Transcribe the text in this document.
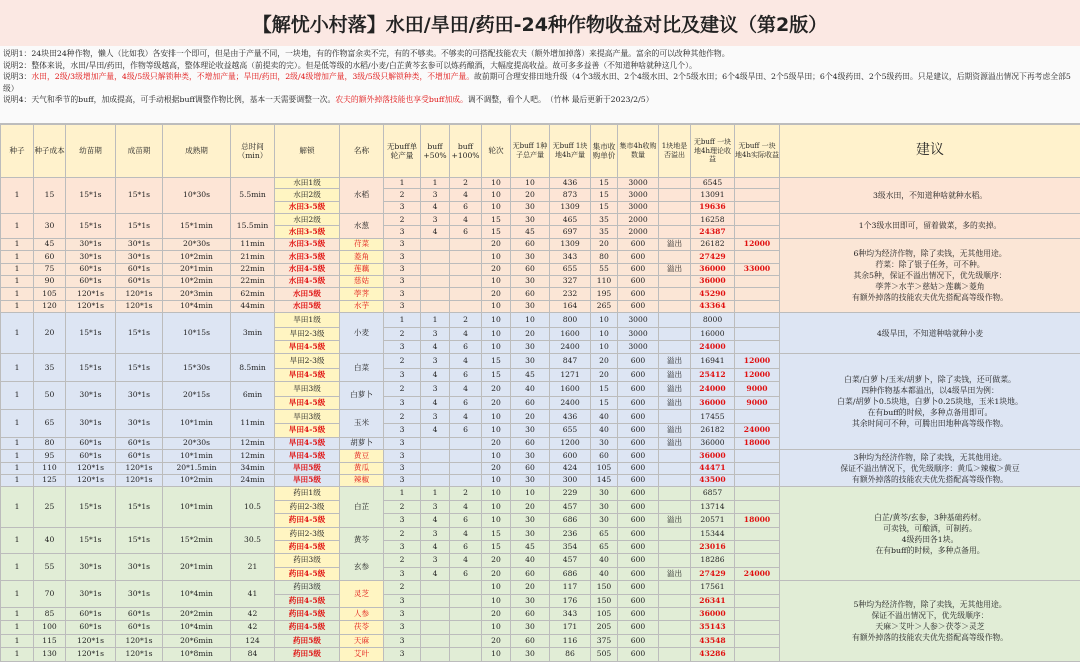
【解忧小村落】水田/旱田/药田-24种作物收益对比及建议（第2版）
说明1：24块田24种作物，懒人（比如我）各安排一个即可，但是由于产量不同，一块地，有的作物富余卖不完，有的不够卖。不够卖的可搭配技能农夫（额外增加掉落）来提高产量。富余的可以改种其他作物。
说明2：整体来说，水田/旱田/药田，作物等级越高，整体理论收益越高（前提卖的完）。但是低等级的水稻/小麦/白芷黄芩玄参可以炼药酿酒，大幅度提高收益。故可多多益善（不知道种啥就种这几个）。
说明3：水田，2级/3级增加产量，4级/5级只解锁种类，不增加产量；旱田/药田，2级/4级增加产量，3级/5级只解锁种类，不增加产量。故前期可合理安排田地升级（4个3级水田、2个4级水田、2个5级水田；6个4级旱田、2个5级旱田；6个4级药田、2个5级药田。只是建议，后期资源溢出情况下再考虑全部5级）
说明4：天气和季节的buff，加成提高，可手动根据buff调整作物比例，基本一天需要调整一次。农夫的额外掉落技能也享受buff加成。调不调整，看个人吧。　（竹林 最后更新于2023/2/5）
种子	种子成本	幼苗期	成苗期	成熟期	总时间（min）	解锁	名称	无buff单轮产量	buff +50%	buff +100%	轮次	无buff 1种子总产量	无buff 1块地4h产量	集市收购单价	集市4h收购数量	1块地是否溢出	无buff 一块地4h理论收益	无buff 一块地4h实际收益	建议
1	15	15*1s	15*1s	10*30s	5.5min	水田1级	水稻	1	1	2	10	10	436	15	3000		6545		3级水田，不知道种啥就种水稻。
						水田2级		2	3	4	10	20	873	15	3000		13091		
						水田3-5级		3	4	6	10	30	1309	15	3000		19636		
1	30	15*1s	15*1s	15*1min	15.5min	水田2级	水葱	2	3	4	15	30	465	35	2000		16258		1个3级水田即可，留着做菜，多的卖掉。
						水田3-5级		3	4	6	15	45	697	35	2000		24387		
1	45	30*1s	30*1s	20*30s	11min	水田3-5级	苻菜	3			20	60	1309	20	600	溢出	26182	12000	6种均为经济作物，除了卖钱，无其他用途。
荇菜：除了银子任务，可不种。
其余5种，保证不溢出情况下，优先级顺序：
荸荠＞水芋＞慈姑＞莲藕＞菱角
有额外掉落的技能农夫优先搭配高等级作物。
1	60	30*1s	30*1s	10*2min	21min	水田3-5级	菱角	3			10	30	343	80	600		27429		
1	75	60*1s	60*1s	20*1min	22min	水田4-5级	莲藕	3			20	60	655	55	600	溢出	36000	33000	
1	90	60*1s	60*1s	10*2min	22min	水田4-5级	慈姑	3			10	30	327	110	600		36000		
1	105	120*1s	120*1s	20*3min	62min	水田5级	荸荠	3			20	60	232	195	600		45290		
1	120	120*1s	120*1s	10*4min	44min	水田5级	水芋	3			10	30	164	265	600		43364		
1	20	15*1s	15*1s	10*15s	3min	旱田1级	小麦	1	1	2	10	10	800	10	3000		8000		4级旱田，不知道种啥就种小麦
						旱田2-3级		2	3	4	10	20	1600	10	3000		16000		
						旱田4-5级		3	4	6	10	30	2400	10	3000		24000		
1	35	15*1s	15*1s	15*30s	8.5min	旱田2-3级	白菜	2	3	4	15	30	847	20	600	溢出	16941	12000	白菜/白萝卜/玉米/胡萝卜，除了卖钱，还可做菜。
四种作物基本都溢出，以4级旱田为例：
白菜/胡萝卜0.5块地，白萝卜0.25块地，玉米1块地。
在有buff的时候，多种点备用即可。
其余时间可不种，可腾出田地种高等级作物。
						旱田4-5级		3	4	6	15	45	1271	20	600	溢出	25412	12000	
1	50	30*1s	30*1s	20*15s	6min	旱田3级	白萝卜	2	3	4	20	40	1600	15	600	溢出	24000	9000	
						旱田4-5级		3	4	6	20	60	2400	15	600	溢出	36000	9000	
1	65	30*1s	30*1s	10*1min	11min	旱田3级	玉米	2	3	4	10	20	436	40	600		17455		
						旱田4-5级		3	4	6	10	30	655	40	600	溢出	26182	24000	
1	80	60*1s	60*1s	20*30s	12min	旱田4-5级	胡萝卜	3			20	60	1200	30	600	溢出	36000	18000	
1	95	60*1s	60*1s	10*1min	12min	旱田4-5级	黄豆	3			10	30	600	60	600		36000		3种均为经济作物，除了卖钱，无其他用途。
保证不溢出情况下，优先级顺序：黄瓜＞辣椒＞黄豆
有额外掉落的技能农夫优先搭配高等级作物。
1	110	120*1s	120*1s	20*1.5min	34min	旱田5级	黄瓜	3			20	60	424	105	600		44471		
1	125	120*1s	120*1s	10*2min	24min	旱田5级	辣椒	3			10	30	300	145	600		43500		
1	25	15*1s	15*1s	10*1min	10.5	药田1级	白芷	1	1	2	10	10	229	30	600		6857		白芷/黄芩/玄参，3种基础药材。
可卖钱，可酿酒，可制药。
4级药田各1块。
在有buff的时候，多种点备用。
						药田2-3级		2	3	4	10	20	457	30	600		13714		
						药田4-5级		3	4	6	10	30	686	30	600	溢出	20571	18000	
1	40	15*1s	15*1s	15*2min	30.5	药田2-3级	黄芩	2	3	4	15	30	236	65	600		15344		
						药田4-5级		3	4	6	15	45	354	65	600		23016		
1	55	30*1s	30*1s	20*1min	21	药田3级	玄参	2	3	4	20	40	457	40	600		18286		
						药田4-5级		3	4	6	20	60	686	40	600	溢出	27429	24000	
1	70	30*1s	30*1s	10*4min	41	药田3级	灵芝	2			10	20	117	150	600		17561		5种均为经济作物，除了卖钱，无其他用途。
保证不溢出情况下，优先级顺序：
天麻＞艾叶＞人参＞茯苓＞灵芝
有额外掉落的技能农夫优先搭配高等级作物。
						药田4-5级		3			10	30	176	150	600		26341		
1	85	60*1s	60*1s	20*2min	42	药田4-5级	人参	3			20	60	343	105	600		36000		
1	100	60*1s	60*1s	10*4min	42	药田4-5级	茯苓	3			10	30	171	205	600		35143		
1	115	120*1s	120*1s	20*6min	124	药田5级	天麻	3			20	60	116	375	600		43548		
1	130	120*1s	120*1s	10*8min	84	药田5级	艾叶	3			10	30	86	505	600		43286		
